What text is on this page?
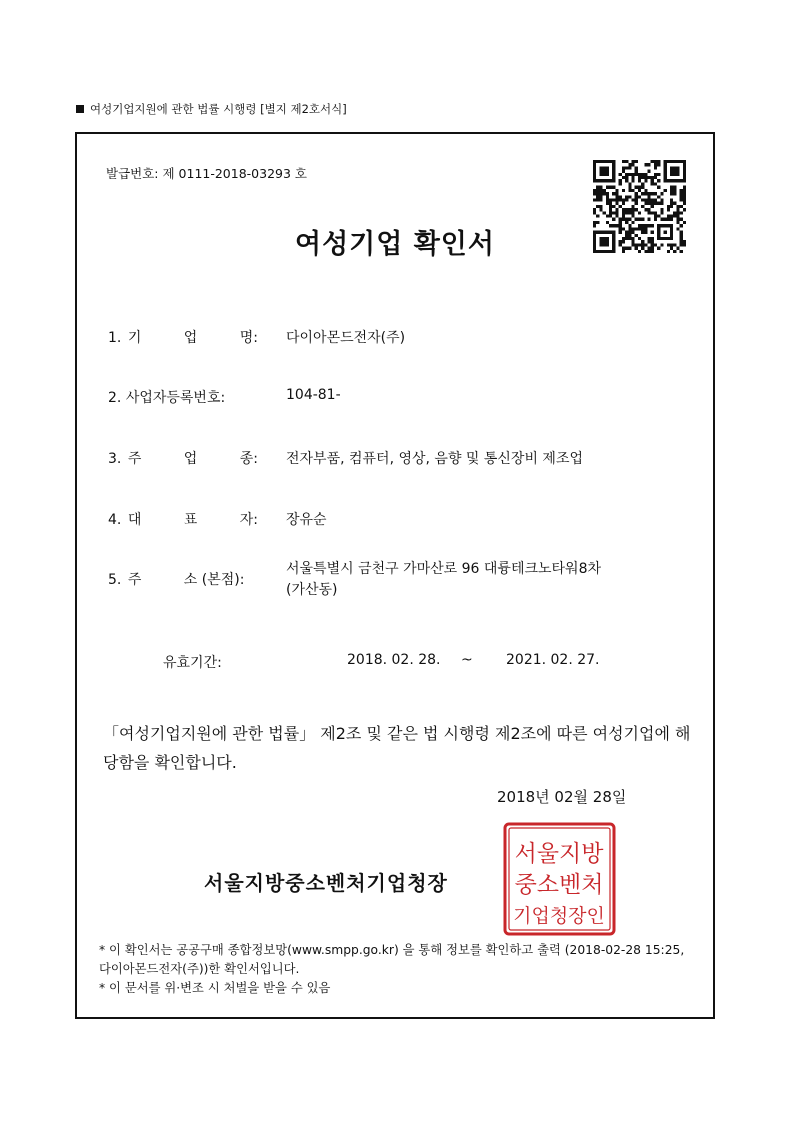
여성기업지원에 관한 법률 시행령 [별지 제2호서식]
발급번호: 제 0111-2018-03293 호
여성기업 확인서
1. 기	업	명: 다이아몬드전자(주)
2. 사업자등록번호:	104-81-
3. 주	업	종: 전자부품, 컴퓨터, 영상, 음향 및 통신장비 제조업
4. 대	표	자: 장유순
5. 주	소 (본점):
서울특별시 금천구 가마산로 96 대륭테크노타워8차
(가산동)
유효기간:	2018. 02. 28. ~ 2021. 02. 27.
「여성기업지원에 관한 법률」 제2조 및 같은 법 시행령 제2조에 따른 여성기업에 해당함을 확인합니다.
2018년 02월 28일
서울지방중소벤처기업청장
서울지방
중소벤처
기업청장인
* 이 확인서는 공공구매 종합정보망(www.smpp.go.kr) 을 통해 정보를 확인하고 출력 (2018-02-28 15:25, 다이아몬드전자(주))한 확인서입니다.
* 이 문서를 위·변조 시 처벌을 받을 수 있음
